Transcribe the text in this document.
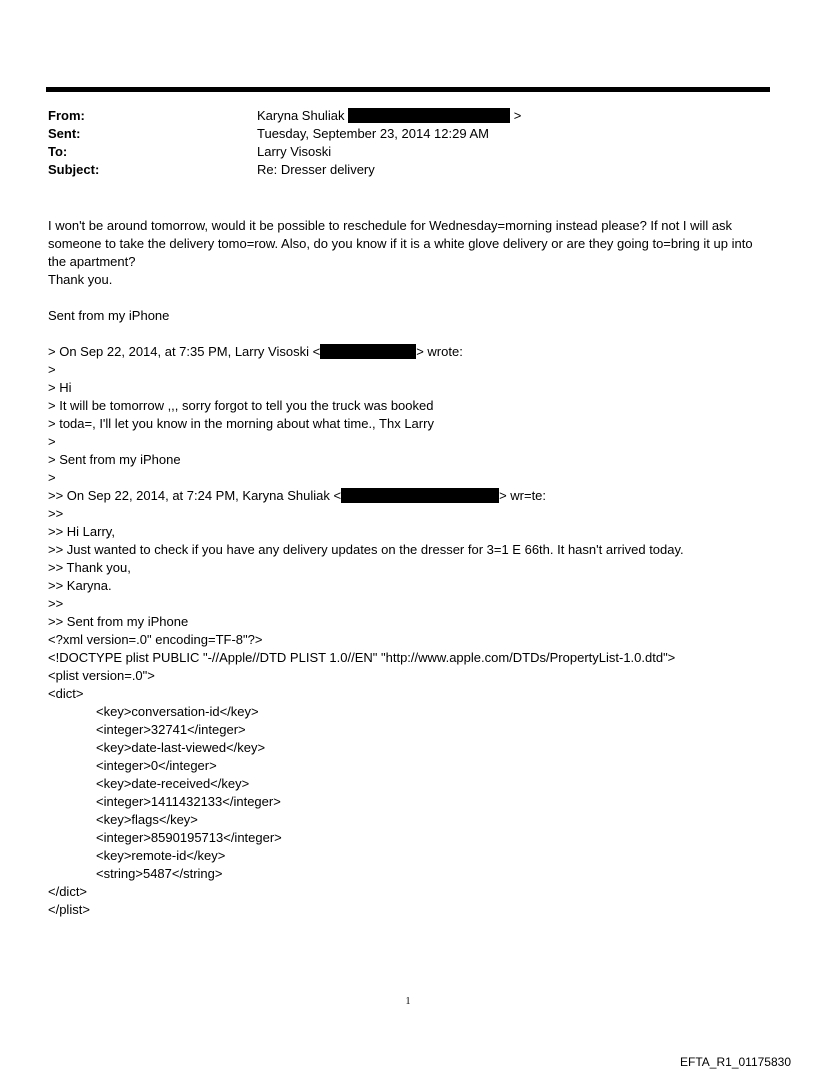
From:	Karyna Shuliak	>
Sent:	Tuesday, September 23, 2014 12:29 AM
To:	Larry Visoski
Subject:	Re: Dresser delivery

I won't be around tomorrow, would it be possible to reschedule for Wednesday=morning instead please? If not I will ask someone to take the delivery tomo=row. Also, do you know if it is a white glove delivery or are they going to=bring it up into the apartment?

Thank you.
Sent from my iPhone
> On Sep 22, 2014, at 7:35 PM, Larry Visoski <	> wrote:
>
> Hi
> It will be tomorrow ,,, sorry forgot to tell you the truck was booked
> toda=, I'll let you know in the morning about what time., Thx Larry
>
> Sent from my iPhone
>
>> On Sep 22, 2014, at 7:24 PM, Karyna Shuliak <	> wr=te:
>>
>> Hi Larry,
>> Just wanted to check if you have any delivery updates on the dresser for 3=1 E 66th. It hasn't arrived today.
>> Thank you,
>> Karyna.
>>
>> Sent from my iPhone
<?xml version=.0" encoding=TF-8"?>
<!DOCTYPE plist PUBLIC "-//Apple//DTD PLIST 1.0//EN" "http://www.apple.com/DTDs/PropertyList-1.0.dtd">
<plist version=.0">
<dict>
<key>conversation-id</key>
<integer>32741</integer>
<key>date-last-viewed</key>
<integer>0</integer>
<key>date-received</key>
<integer>1411432133</integer>
<key>flags</key>
<integer>8590195713</integer>
<key>remote-id</key>
<string>5487</string>
</dict>
</plist>
1
EFTA_R1_01175830
